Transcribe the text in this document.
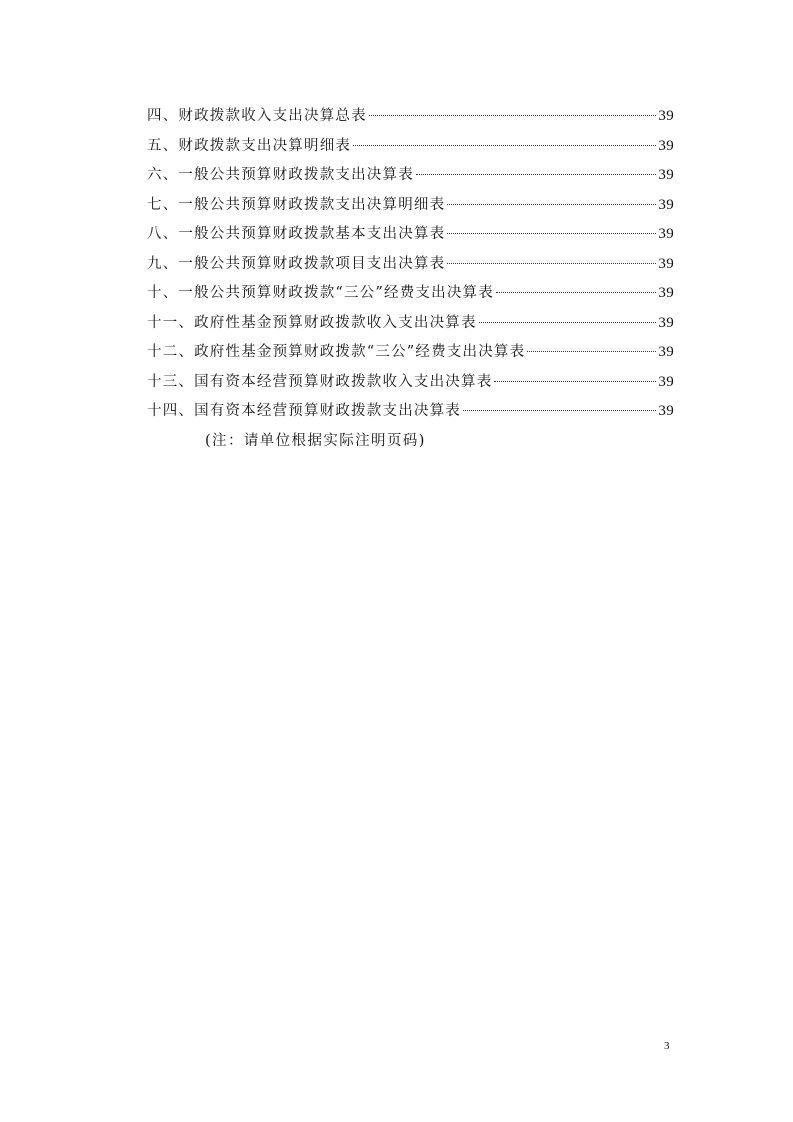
四、财政拨款收入支出决算总表	39
五、财政拨款支出决算明细表	39
六、一般公共预算财政拨款支出决算表	39
七、一般公共预算财政拨款支出决算明细表	39
八、一般公共预算财政拨款基本支出决算表	39
九、一般公共预算财政拨款项目支出决算表	39
十、一般公共预算财政拨款“三公”经费支出决算表	39
十一、政府性基金预算财政拨款收入支出决算表	39
十二、政府性基金预算财政拨款“三公”经费支出决算表	39
十三、国有资本经营预算财政拨款收入支出决算表	39
十四、国有资本经营预算财政拨款支出决算表	39
(注：请单位根据实际注明页码)
3
